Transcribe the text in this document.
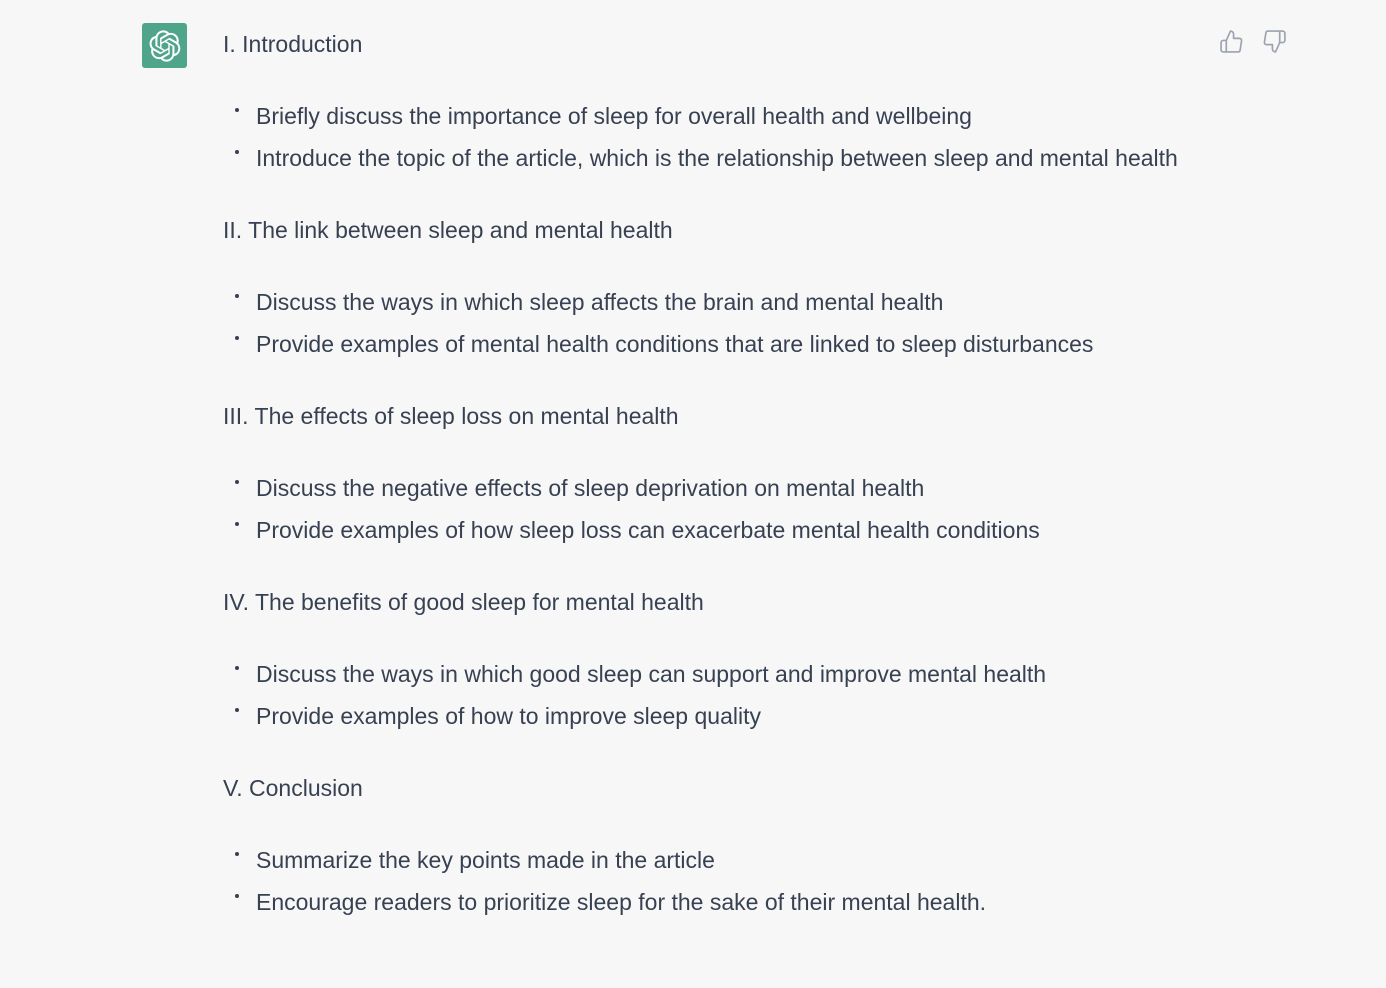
I. Introduction
Briefly discuss the importance of sleep for overall health and wellbeing
Introduce the topic of the article, which is the relationship between sleep and mental health
II. The link between sleep and mental health
Discuss the ways in which sleep affects the brain and mental health
Provide examples of mental health conditions that are linked to sleep disturbances
III. The effects of sleep loss on mental health
Discuss the negative effects of sleep deprivation on mental health
Provide examples of how sleep loss can exacerbate mental health conditions
IV. The benefits of good sleep for mental health
Discuss the ways in which good sleep can support and improve mental health
Provide examples of how to improve sleep quality
V. Conclusion
Summarize the key points made in the article
Encourage readers to prioritize sleep for the sake of their mental health.
